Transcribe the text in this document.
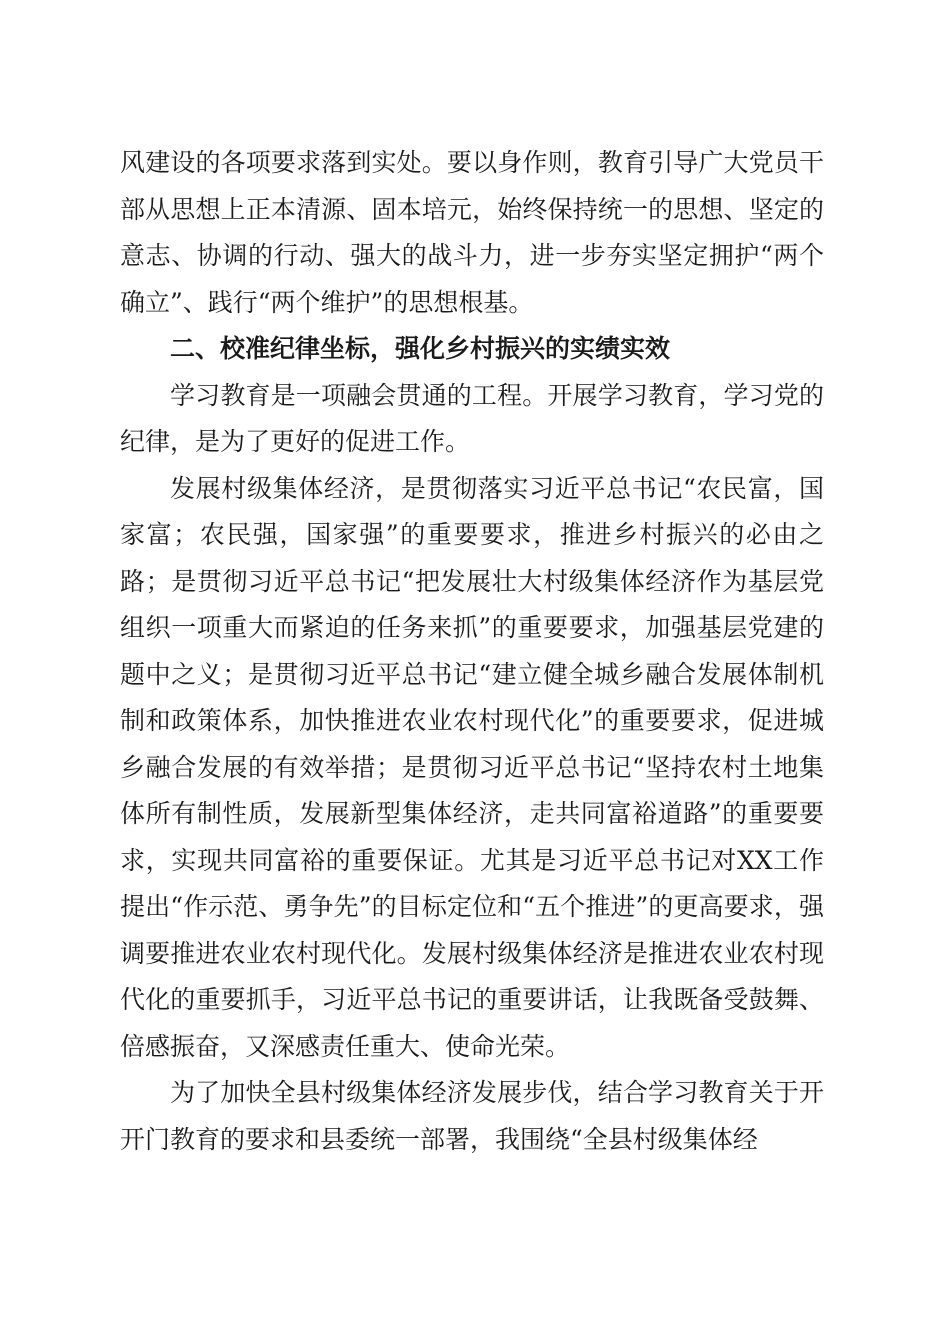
风建设的各项要求落到实处。要以身作则，教育引导广大党员干部从思想上正本清源、固本培元，始终保持统一的思想、坚定的意志、协调的行动、强大的战斗力，进一步夯实坚定拥护“两个确立”、践行“两个维护”的思想根基。

二、校准纪律坐标，强化乡村振兴的实绩实效

学习教育是一项融会贯通的工程。开展学习教育，学习党的纪律，是为了更好的促进工作。

发展村级集体经济，是贯彻落实习近平总书记“农民富，国家富；农民强，国家强”的重要要求，推进乡村振兴的必由之路；是贯彻习近平总书记“把发展壮大村级集体经济作为基层党组织一项重大而紧迫的任务来抓”的重要要求，加强基层党建的题中之义；是贯彻习近平总书记“建立健全城乡融合发展体制机制和政策体系，加快推进农业农村现代化”的重要要求，促进城乡融合发展的有效举措；是贯彻习近平总书记“坚持农村土地集体所有制性质，发展新型集体经济，走共同富裕道路”的重要要求，实现共同富裕的重要保证。尤其是习近平总书记对XX工作提出“作示范、勇争先”的目标定位和“五个推进”的更高要求，强调要推进农业农村现代化。发展村级集体经济是推进农业农村现代化的重要抓手，习近平总书记的重要讲话，让我既备受鼓舞、倍感振奋，又深感责任重大、使命光荣。

为了加快全县村级集体经济发展步伐，结合学习教育关于开开门教育的要求和县委统一部署，我围绕“全县村级集体经
